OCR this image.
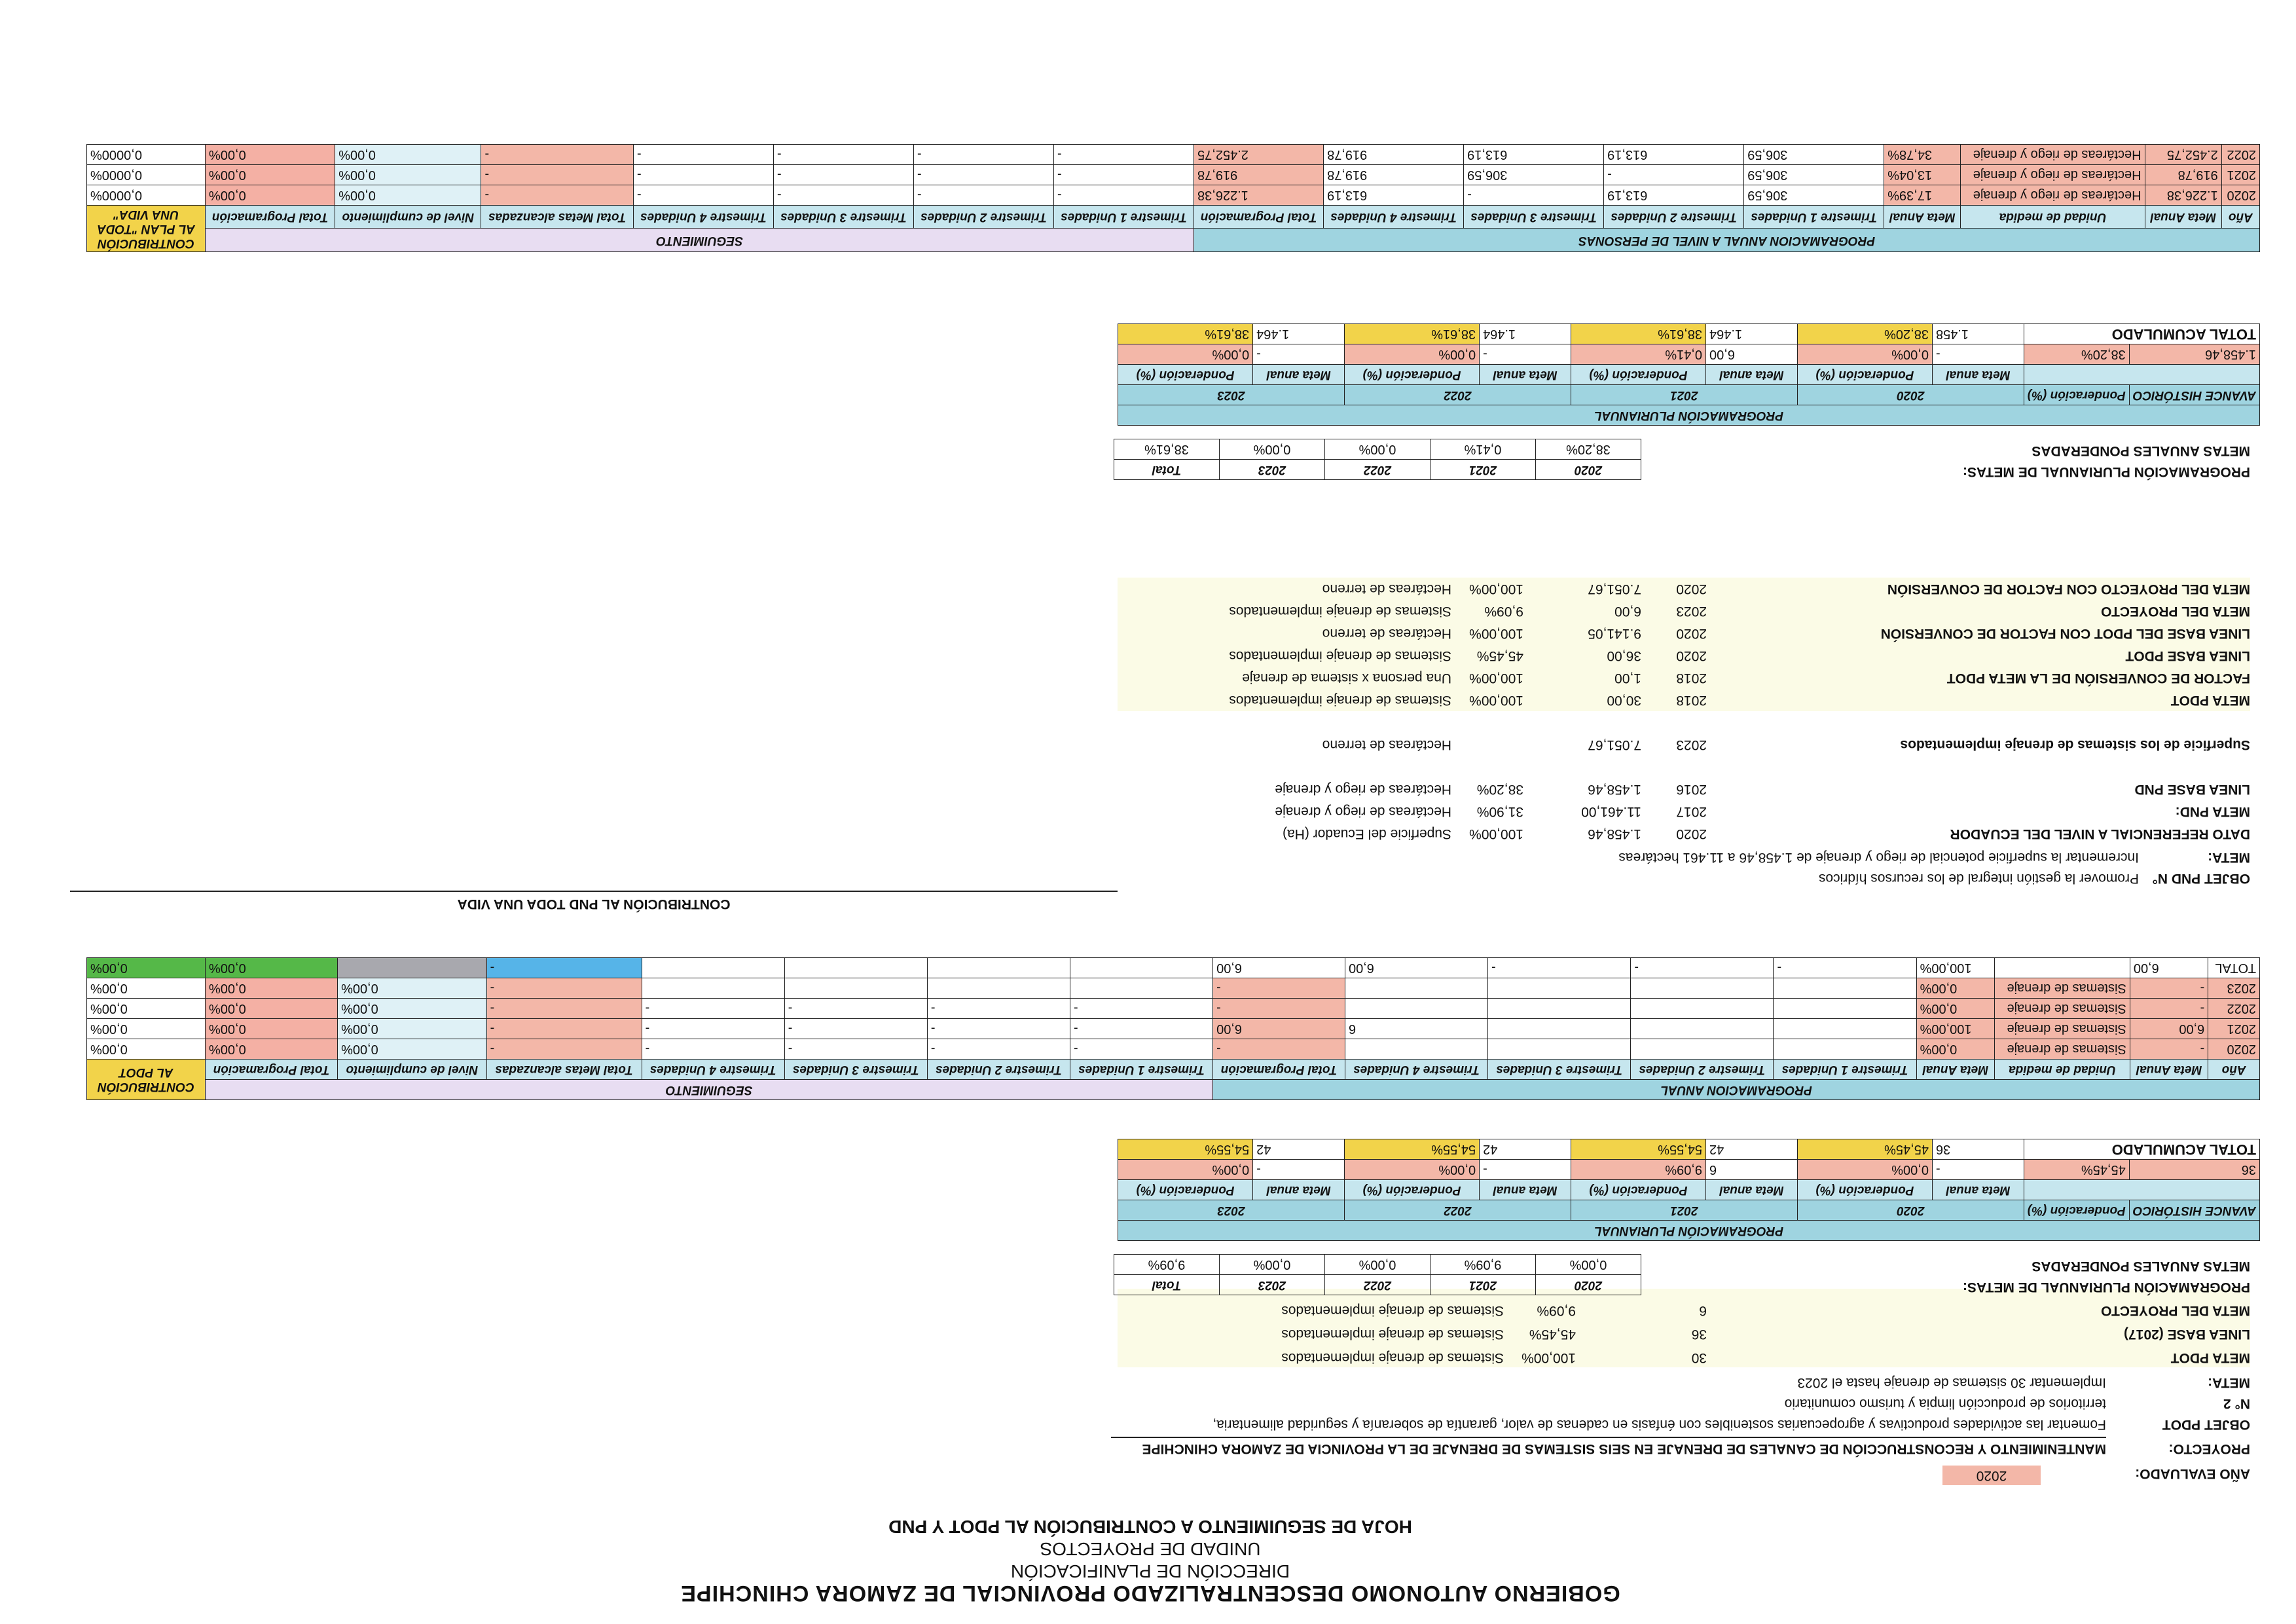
GOBIERNO AUTONOMO DESCENTRALIZADO PROVINCIAL DE ZAMORA CHINCHIPE
DIRECCIÓN DE PLANIFICACIÓN
UNIDAD DE PROYECTOS
HOJA DE SEGUIMIENTO A CONTRIBUCIÓN AL PDOT Y PND
AÑO EVALUADO:
2020
PROYECTO:
MANTENIMIENTO Y RECONSTRUCCIÓN DE CANALES DE DRENAJE EN SEIS SISTEMAS DE DRENAJE DE LA PROVINCIA DE ZAMORA CHINCHIPE
OBJET PDOT
Fomentar las actividades productivas y agropecuarias sostenibles con énfasis en cadenas de valor, garantía de soberanía y seguridad alimentaria,
N° 2
territorios de producción limpia y turismo comunitario
META:
Implementar 30 sistemas de drenaje hasta el 2023
META PDOT
30
100,00%
Sistemas de drenaje implementados
LINEA BASE (2017)
36
45,45%
Sistemas de drenaje implementados
META DEL PROYECTO
6
9,09%
Sistemas de drenaje implementados
PROGRAMACIÓN PLURIANUAL DE METAS:
METAS ANUALES PONDERADAS
2020	2021	2022	2023	Total
0,00%	9,09%	0,00%	0,00%	9,09%
PROGRAMACIÓN PLURIANUAL									
AVANCE HISTÓRICO	Ponderación (%)	2020		2021		2022		2023	
		Meta anual	Ponderación (%)	Meta anual	Ponderación (%)	Meta anual	Ponderación (%)	Meta anual	Ponderación (%)
36	45,45%	-	0,00%	6	9,09%	-	0,00%	-	0,00%
TOTAL ACUMULADO		36	45,45%	42	54,55%	42	54,55%	42	54,55%
PROGRAMACION ANUAL									SEGUIMIENTO							CONTRIBUCIÓN AL PDOT
Año	Meta Anual	Unidad de medida	Meta Anual	Trimestre 1 Unidades	Trimestre 2 Unidades	Trimestre 3 Unidades	Trimestre 4 Unidades	Total Programación	Trimestre 1 Unidades	Trimestre 2 Unidades	Trimestre 3 Unidades	Trimestre 4 Unidades	Total Metas alcanzadas	Nivel de cumplimiento	Total Programación	
2020	-	Sistemas de drenaje	0,00%					-	-	-	-	-	-	0,00%	0,00%	0,00%
2021	6,00	Sistemas de drenaje	100,00%				6	6,00	-	-	-	-	-	0,00%	0,00%	0,00%
2022	-	Sistemas de drenaje	0,00%					-	-	-	-	-	-	0,00%	0,00%	0,00%
2023	-	Sistemas de drenaje	0,00%					-					-	0,00%	0,00%	0,00%
TOTAL	6,00		100,00%	-	-	-	6,00	6,00					-		0,00%	0,00%
CONTRIBUCIÓN AL PND TODA UNA VIDA
OBJET PND N°
Promover la gestión integral de los recursos hídricos
META:
Incrementar la superficie potencial de riego y drenaje de 1.458,46 a 11.461 hectáreas
DATO REFERENCIAL A NIVEL DEL ECUADOR
2020
1.458,46
100,00%
Superficie del Ecuador (Ha)
META PND:
2017
11.461,00
31,90%
Hectáreas de riego y drenaje
LINEA BASE PND
2016
1.458,46
38,20%
Hectáreas de riego y drenaje
Superficie de los sistemas de drenaje implementados
2023
7.051,67
Hectáreas de terreno
META PDOT
2018
30,00
100,00%
Sistemas de drenaje implementados
FACTOR DE CONVERSIÓN DE LA META PDOT
2018
1,00
100,00%
Una persona x sistema de drenaje
LINEA BASE PDOT
2020
36,00
45,45%
Sistemas de drenaje implementados
LINEA BASE DEL PDOT CON FACTOR DE CONVERSIÓN
2020
9.141,05
100,00%
Hectáreas de terreno
META DEL PROYECTO
2023
6,00
9,09%
Sistemas de drenaje implementados
META DEL PROYECTO CON FACTOR DE CONVERSIÓN
2020
7.051,67
100,00%
Hectáreas de terreno
PROGRAMACIÓN PLURIANUAL DE METAS:
METAS ANUALES PONDERADAS
2020	2021	2022	2023	Total
38,20%	0,41%	0,00%	0,00%	38,61%
PROGRAMACIÓN PLURIANUAL									
AVANCE HISTÓRICO	Ponderación (%)	2020		2021		2022		2023	
		Meta anual	Ponderación (%)	Meta anual	Ponderación (%)	Meta anual	Ponderación (%)	Meta anual	Ponderación (%)
1.458,46	38,20%	-	0,00%	6,00	0,41%	-	0,00%	-	0,00%
TOTAL ACUMULADO		1.458	38,20%	1.464	38,61%	1.464	38,61%	1.464	38,61%
PROGRAMACION ANUAL A NIVEL DE PERSONAS									SEGUIMIENTO							CONTRIBUCIÓN AL PLAN "TODA UNA VIDA"
Año	Meta Anual	Unidad de medida	Meta Anual	Trimestre 1 Unidades	Trimestre 2 Unidades	Trimestre 3 Unidades	Trimestre 4 Unidades	Total Programación	Trimestre 1 Unidades	Trimestre 2 Unidades	Trimestre 3 Unidades	Trimestre 4 Unidades	Total Metas alcanzadas	Nivel de cumplimiento	Total Programación	
2020	1.226,38	Hectáreas de riego y drenaje	17,39%	306,59	613,19	-	613,19	1.226,38	-	-	-	-	-	0,00%	0,00%	0,0000%
2021	919,78	Hectáreas de riego y drenaje	13,04%	306,59	-	306,59	919,78	919,78	-	-	-	-	-	0,00%	0,00%	0,0000%
2022	2.452,75	Hectáreas de riego y drenaje	34,78%	306,59	613,19	613,19	919,78	2.452,75	-	-	-	-	-	0,00%	0,00%	0,0000%
